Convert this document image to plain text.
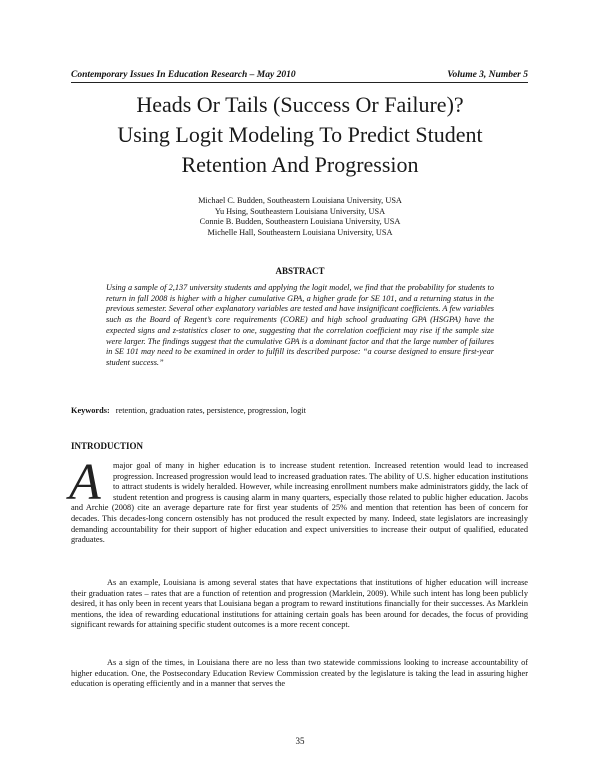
Contemporary Issues In Education Research – May 2010	Volume 3, Number 5
Heads Or Tails (Success Or Failure)?
Using Logit Modeling To Predict Student
Retention And Progression
Michael C. Budden, Southeastern Louisiana University, USA
Yu Hsing, Southeastern Louisiana University, USA
Connie B. Budden, Southeastern Louisiana University, USA
Michelle Hall, Southeastern Louisiana University, USA
ABSTRACT

Using a sample of 2,137 university students and applying the logit model, we find that the probability for students to return in fall 2008 is higher with a higher cumulative GPA, a higher grade for SE 101, and a returning status in the previous semester. Several other explanatory variables are tested and have insignificant coefficients. A few variables such as the Board of Regent’s core requirements (CORE) and high school graduating GPA (HSGPA) have the expected signs and z-statistics closer to one, suggesting that the correlation coefficient may rise if the sample size were larger. The findings suggest that the cumulative GPA is a dominant factor and that the large number of failures in SE 101 may need to be examined in order to fulfill its described purpose: “a course designed to ensure first-year student success.”

Keywords: retention, graduation rates, persistence, progression, logit
INTRODUCTION
A	major goal of many in higher education is to increase student retention. Increased retention would lead to increased progression. Increased progression would lead to increased graduation rates. The ability of U.S. higher education institutions to attract students is widely heralded. However, while increasing enrollment numbers make administrators giddy, the lack of student retention and progress is causing alarm in many quarters, especially those related to public higher education. Jacobs and Archie (2008) cite an average departure rate for first year students of 25% and mention that retention has been of concern for decades. This decades-long concern ostensibly has not produced the result expected by many. Indeed, state legislators are increasingly demanding accountability for their support of higher education and expect universities to increase their output of qualified, educated graduates.

As an example, Louisiana is among several states that have expectations that institutions of higher education will increase their graduation rates – rates that are a function of retention and progression (Marklein, 2009). While such intent has long been publicly desired, it has only been in recent years that Louisiana began a program to reward institutions financially for their successes. As Marklein mentions, the idea of rewarding educational institutions for attaining certain goals has been around for decades, the focus of providing significant rewards for attaining specific student outcomes is a more recent concept.

As a sign of the times, in Louisiana there are no less than two statewide commissions looking to increase accountability of higher education. One, the Postsecondary Education Review Commission created by the legislature is taking the lead in assuring higher education is operating efficiently and in a manner that serves the

35
